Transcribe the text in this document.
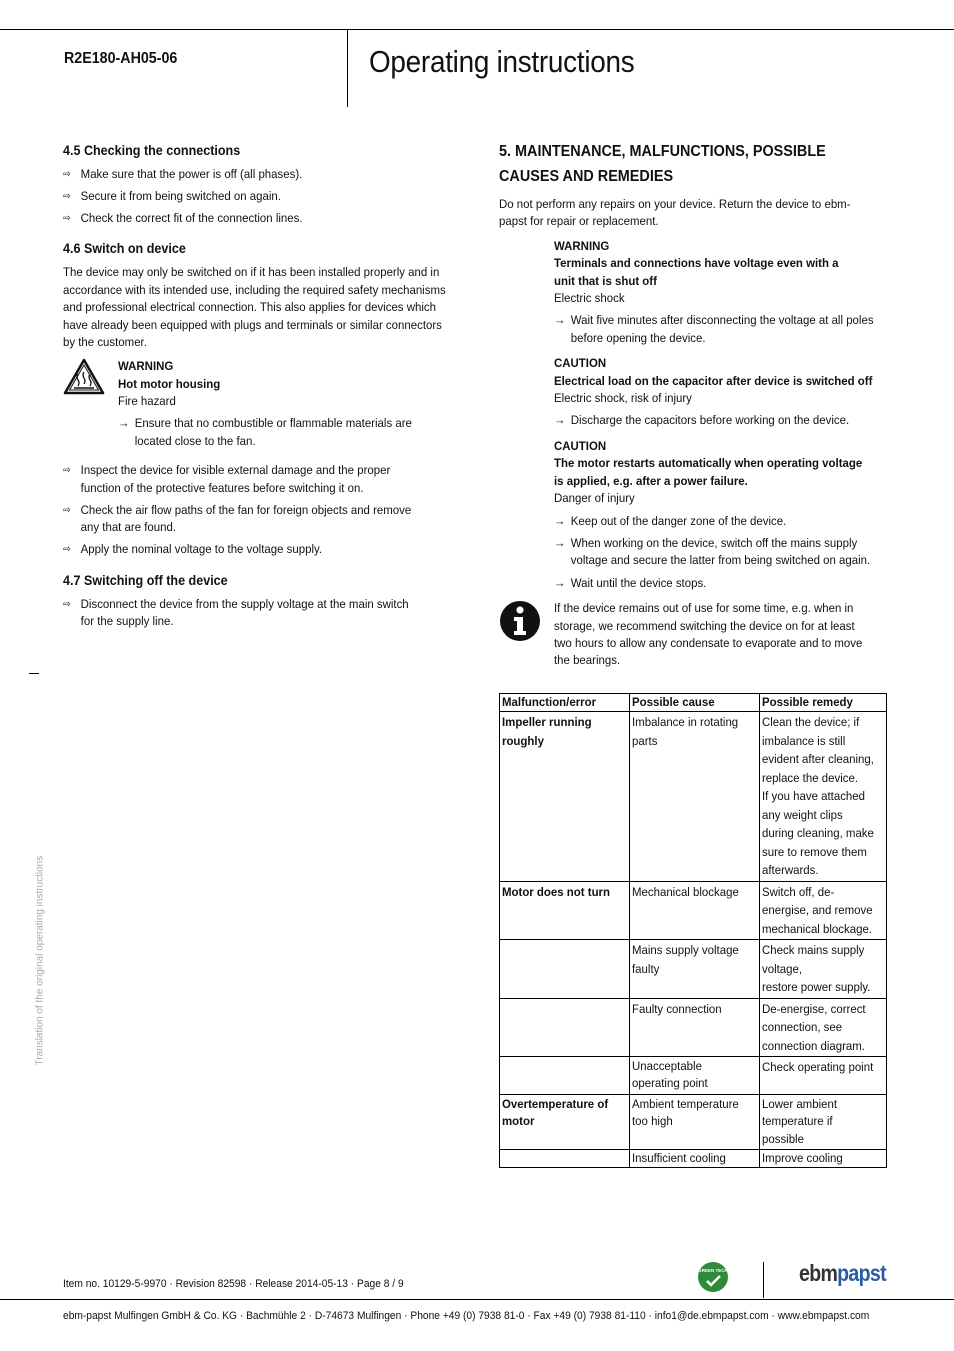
R2E180-AH05-06	Operating instructions
4.5 Checking the connections
⇨ Make sure that the power is off (all phases).
⇨ Secure it from being switched on again.
⇨ Check the correct fit of the connection lines.
4.6 Switch on device
The device may only be switched on if it has been installed properly and in accordance with its intended use, including the required safety mechanisms and professional electrical connection. This also applies for devices which have already been equipped with plugs and terminals or similar connectors by the customer.
WARNING
Hot motor housing
Fire hazard
→ Ensure that no combustible or flammable materials are located close to the fan.
⇨ Inspect the device for visible external damage and the proper function of the protective features before switching it on.
⇨ Check the air flow paths of the fan for foreign objects and remove any that are found.
⇨ Apply the nominal voltage to the voltage supply.
4.7 Switching off the device
⇨ Disconnect the device from the supply voltage at the main switch for the supply line.
5. MAINTENANCE, MALFUNCTIONS, POSSIBLE
CAUSES AND REMEDIES
Do not perform any repairs on your device. Return the device to ebm-papst for repair or replacement.
WARNING
Terminals and connections have voltage even with a unit that is shut off
Electric shock
→ Wait five minutes after disconnecting the voltage at all poles before opening the device.
CAUTION
Electrical load on the capacitor after device is switched off
Electric shock, risk of injury
→ Discharge the capacitors before working on the device.
CAUTION
The motor restarts automatically when operating voltage is applied, e.g. after a power failure.
Danger of injury
→ Keep out of the danger zone of the device.
→ When working on the device, switch off the mains supply voltage and secure the latter from being switched on again.
→ Wait until the device stops.
If the device remains out of use for some time, e.g. when in storage, we recommend switching the device on for at least two hours to allow any condensate to evaporate and to move the bearings.
Malfunction/error	Possible cause	Possible remedy

Impeller running roughly	Imbalance in rotating parts	Clean the device; if imbalance is still evident after cleaning, replace the device.
If you have attached any weight clips during cleaning, make sure to remove them afterwards.

Motor does not turn	Mechanical blockage	Switch off, de-energise, and remove mechanical blockage.

	Mains supply voltage faulty	Check mains supply voltage,
restore power supply.

	Faulty connection	De-energise, correct connection, see connection diagram.

	Unacceptable operating point	Check operating point

Overtemperature of motor	Ambient temperature too high	Lower ambient temperature if possible

	Insufficient cooling	Improve cooling
Translation of the original operating instructions
Item no. 10129-5-9970 · Revision 82598 · Release 2014-05-13 · Page 8 / 9
GREEN TECH	ebmpapst
ebm-papst Mulfingen GmbH & Co. KG · Bachmühle 2 · D-74673 Mulfingen · Phone +49 (0) 7938 81-0 · Fax +49 (0) 7938 81-110 · info1@de.ebmpapst.com · www.ebmpapst.com
